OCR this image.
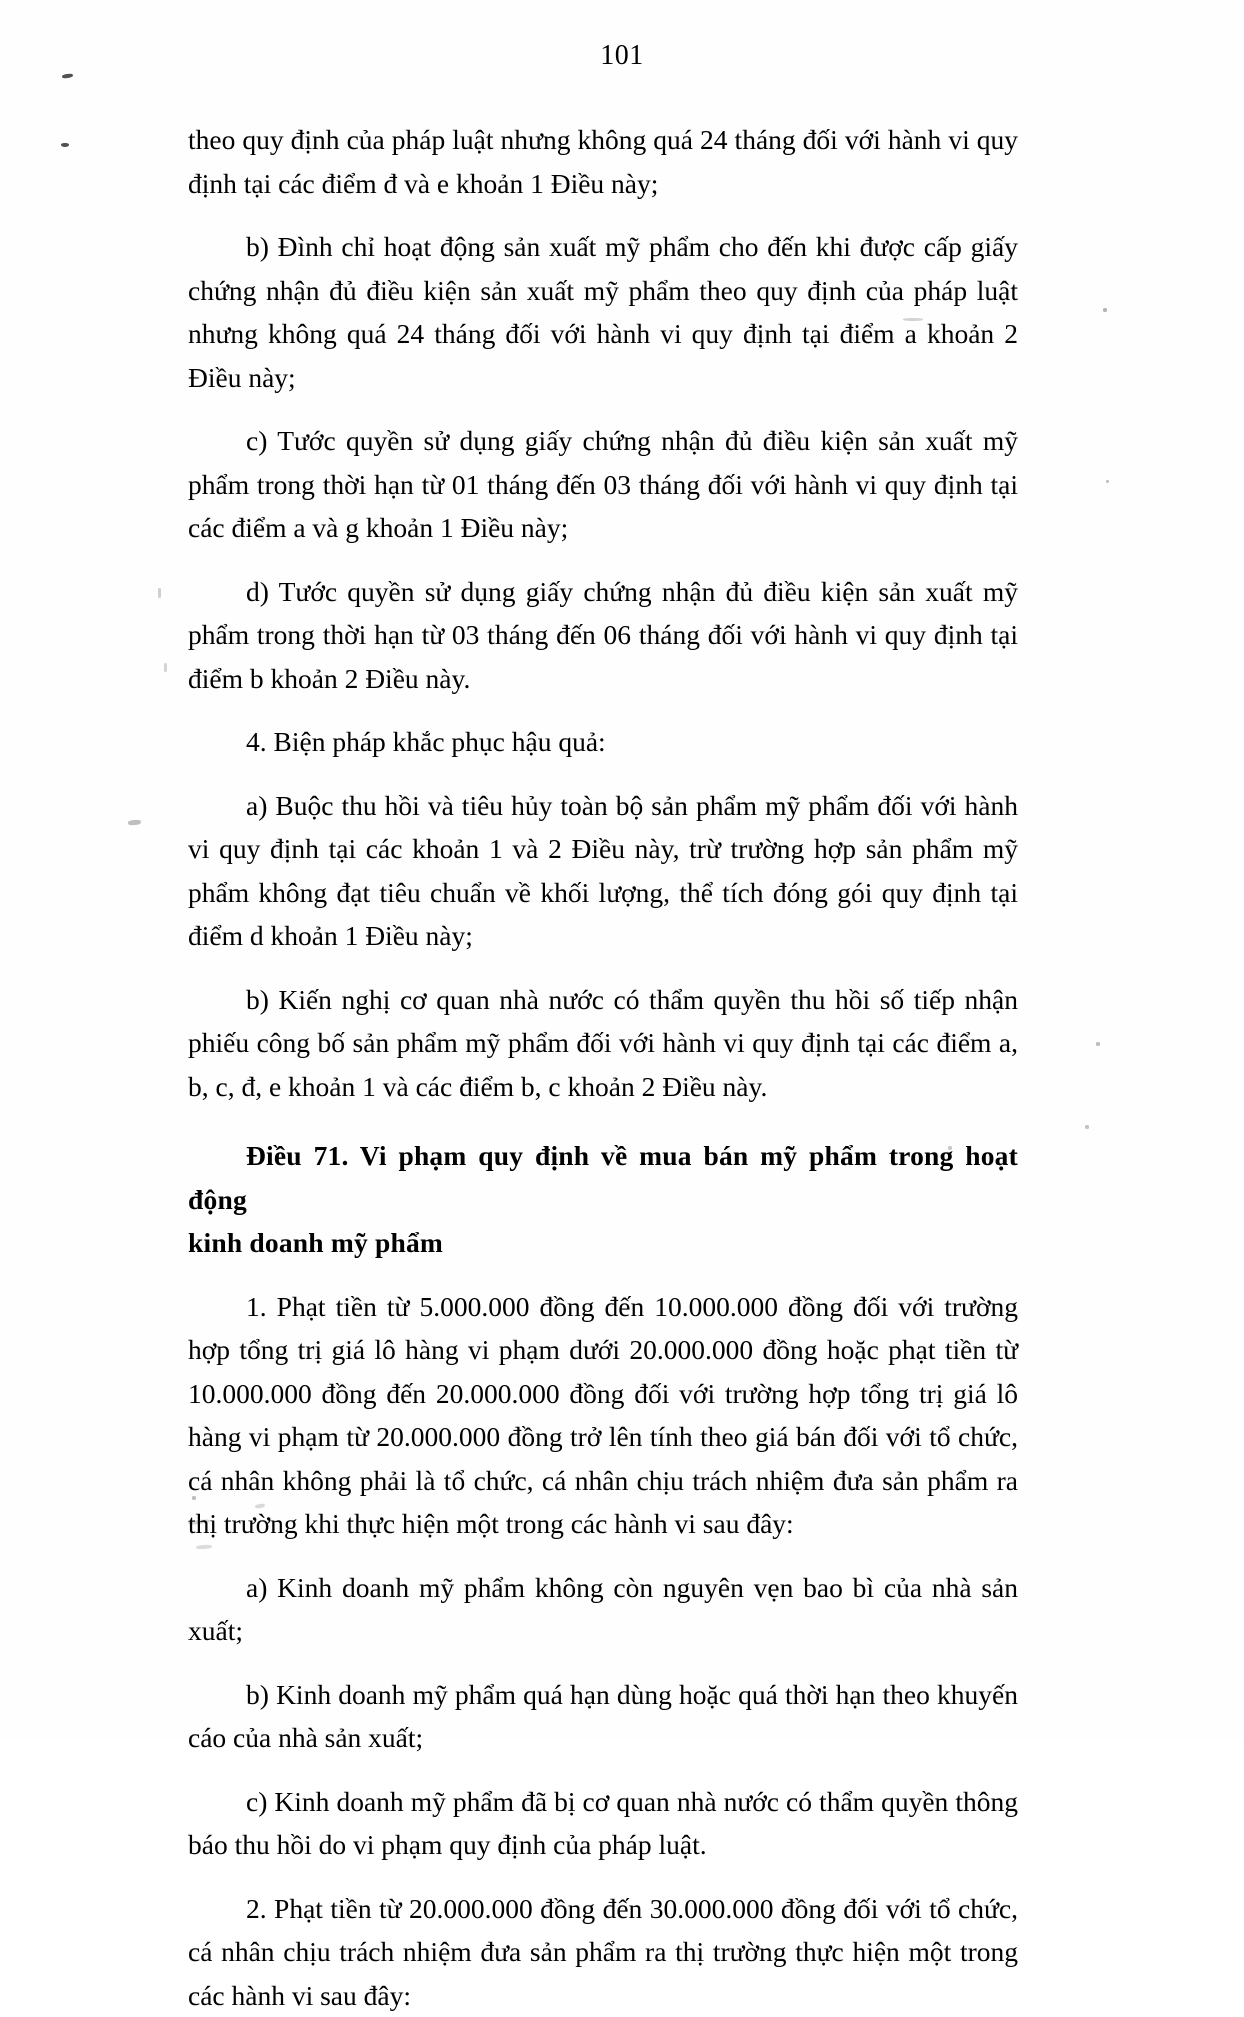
101

theo quy định của pháp luật nhưng không quá 24 tháng đối với hành vi quy định tại các điểm đ và e khoản 1 Điều này;

b) Đình chỉ hoạt động sản xuất mỹ phẩm cho đến khi được cấp giấy chứng nhận đủ điều kiện sản xuất mỹ phẩm theo quy định của pháp luật nhưng không quá 24 tháng đối với hành vi quy định tại điểm a khoản 2 Điều này;

c) Tước quyền sử dụng giấy chứng nhận đủ điều kiện sản xuất mỹ phẩm trong thời hạn từ 01 tháng đến 03 tháng đối với hành vi quy định tại các điểm a và g khoản 1 Điều này;

d) Tước quyền sử dụng giấy chứng nhận đủ điều kiện sản xuất mỹ phẩm trong thời hạn từ 03 tháng đến 06 tháng đối với hành vi quy định tại điểm b khoản 2 Điều này.

4. Biện pháp khắc phục hậu quả:

a) Buộc thu hồi và tiêu hủy toàn bộ sản phẩm mỹ phẩm đối với hành vi quy định tại các khoản 1 và 2 Điều này, trừ trường hợp sản phẩm mỹ phẩm không đạt tiêu chuẩn về khối lượng, thể tích đóng gói quy định tại điểm d khoản 1 Điều này;

b) Kiến nghị cơ quan nhà nước có thẩm quyền thu hồi số tiếp nhận phiếu công bố sản phẩm mỹ phẩm đối với hành vi quy định tại các điểm a, b, c, đ, e khoản 1 và các điểm b, c khoản 2 Điều này.

Điều 71. Vi phạm quy định về mua bán mỹ phẩm trong hoạt động

kinh doanh mỹ phẩm

1. Phạt tiền từ 5.000.000 đồng đến 10.000.000 đồng đối với trường hợp tổng trị giá lô hàng vi phạm dưới 20.000.000 đồng hoặc phạt tiền từ 10.000.000 đồng đến 20.000.000 đồng đối với trường hợp tổng trị giá lô hàng vi phạm từ 20.000.000 đồng trở lên tính theo giá bán đối với tổ chức, cá nhân không phải là tổ chức, cá nhân chịu trách nhiệm đưa sản phẩm ra thị trường khi thực hiện một trong các hành vi sau đây:

a) Kinh doanh mỹ phẩm không còn nguyên vẹn bao bì của nhà sản xuất;

b) Kinh doanh mỹ phẩm quá hạn dùng hoặc quá thời hạn theo khuyến cáo của nhà sản xuất;

c) Kinh doanh mỹ phẩm đã bị cơ quan nhà nước có thẩm quyền thông báo thu hồi do vi phạm quy định của pháp luật.

2. Phạt tiền từ 20.000.000 đồng đến 30.000.000 đồng đối với tổ chức, cá nhân chịu trách nhiệm đưa sản phẩm ra thị trường thực hiện một trong các hành vi sau đây:
